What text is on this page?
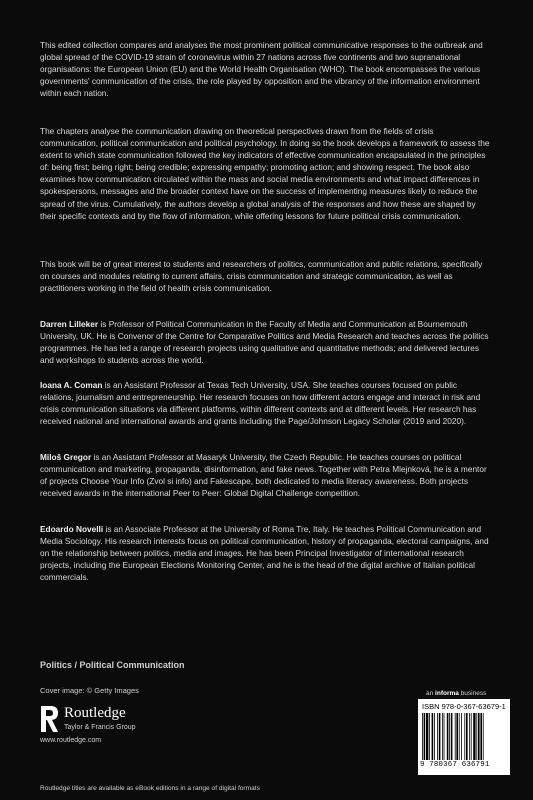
This edited collection compares and analyses the most prominent political communicative responses to the outbreak and global spread of the COVID-19 strain of coronavirus within 27 nations across five continents and two supranational organisations: the European Union (EU) and the World Health Organisation (WHO). The book encompasses the various governments' communication of the crisis, the role played by opposition and the vibrancy of the information environment within each nation.

The chapters analyse the communication drawing on theoretical perspectives drawn from the fields of crisis communication, political communication and political psychology. In doing so the book develops a framework to assess the extent to which state communication followed the key indicators of effective communication encapsulated in the principles of: being first; being right; being credible; expressing empathy; promoting action; and showing respect. The book also examines how communication circulated within the mass and social media environments and what impact differences in spokespersons, messages and the broader context have on the success of implementing measures likely to reduce the spread of the virus. Cumulatively, the authors develop a global analysis of the responses and how these are shaped by their specific contexts and by the flow of information, while offering lessons for future political crisis communication.

This book will be of great interest to students and researchers of politics, communication and public relations, specifically on courses and modules relating to current affairs, crisis communication and strategic communication, as well as practitioners working in the field of health crisis communication.

Darren Lilleker is Professor of Political Communication in the Faculty of Media and Communication at Bournemouth University, UK. He is Convenor of the Centre for Comparative Politics and Media Research and teaches across the politics programmes. He has led a range of research projects using qualitative and quantitative methods; and delivered lectures and workshops to students across the world.

Ioana A. Coman is an Assistant Professor at Texas Tech University, USA. She teaches courses focused on public relations, journalism and entrepreneurship. Her research focuses on how different actors engage and interact in risk and crisis communication situations via different platforms, within different contexts and at different levels. Her research has received national and international awards and grants including the Page/Johnson Legacy Scholar (2019 and 2020).

Miloš Gregor is an Assistant Professor at Masaryk University, the Czech Republic. He teaches courses on political communication and marketing, propaganda, disinformation, and fake news. Together with Petra Mlejnková, he is a mentor of projects Choose Your Info (Zvol si info) and Fakescape, both dedicated to media literacy awareness. Both projects received awards in the international Peer to Peer: Global Digital Challenge competition.

Edoardo Novelli is an Associate Professor at the University of Roma Tre, Italy. He teaches Political Communication and Media Sociology. His research interests focus on political communication, history of propaganda, electoral campaigns, and on the relationship between politics, media and images. He has been Principal Investigator of international research projects, including the European Elections Monitoring Center, and he is the head of the digital archive of Italian political commercials.

Politics / Political Communication
Cover image: © Getty Images
Routledge
Taylor & Francis Group
www.routledge.com
an informa business
ISBN 978-0-367-63679-1
9 780367 636791
Routledge titles are available as eBook editions in a range of digital formats
